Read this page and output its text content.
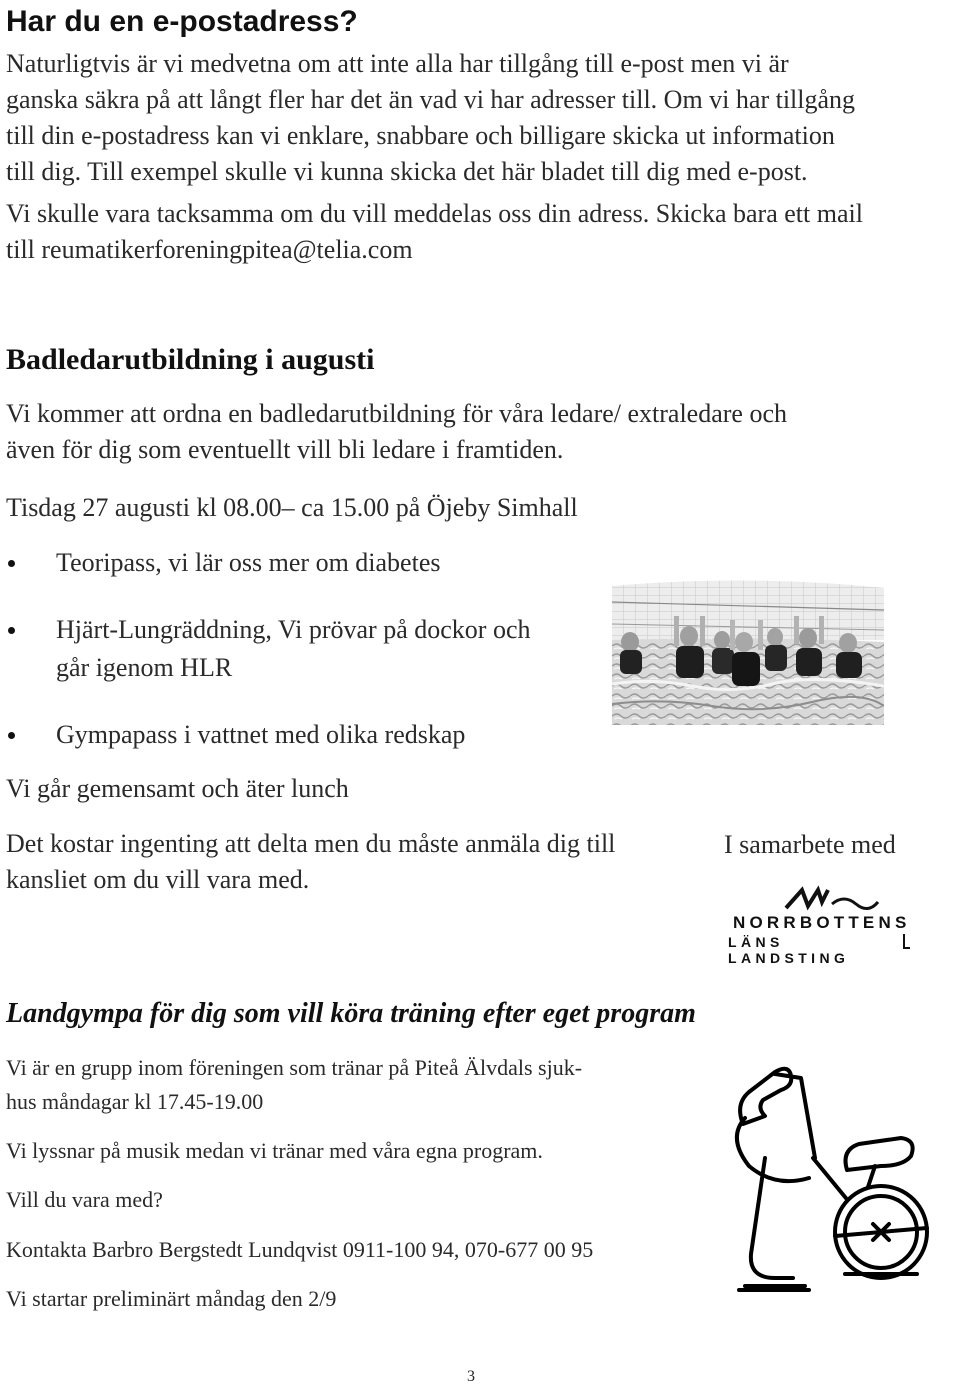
Har du en e-postadress?
Naturligtvis är vi medvetna om att inte alla har tillgång till e-post men vi är
ganska säkra på att långt fler har det än vad vi har adresser till. Om vi har tillgång
till din e-postadress kan vi enklare, snabbare och billigare skicka ut information
till dig. Till exempel skulle vi kunna skicka det här bladet till dig med e-post.
Vi skulle vara tacksamma om du vill meddelas oss din adress. Skicka bara ett mail
till reumatikerforeningpitea@telia.com
Badledarutbildning i augusti
Vi kommer att ordna en badledarutbildning för våra ledare/ extraledare och
även för dig som eventuellt vill bli ledare i framtiden.
Tisdag 27 augusti kl 08.00– ca 15.00 på Öjeby Simhall
Teoripass, vi lär oss mer om diabetes
Hjärt-Lungräddning, Vi prövar på dockor och
går igenom HLR
Gympapass i vattnet med olika redskap
Vi går gemensamt och äter lunch
Det kostar ingenting att delta men du måste anmäla dig till
kansliet om du vill vara med.
I samarbete med
NORRBOTTENS
LÄNS LANDSTING
Landgympa för dig som vill köra träning efter eget program
Vi är en grupp inom föreningen som tränar på Piteå Älvdals sjuk-
hus måndagar kl 17.45-19.00
Vi lyssnar på musik medan vi tränar med våra egna program.
Vill du vara med?
Kontakta Barbro Bergstedt Lundqvist 0911-100 94, 070-677 00 95
Vi startar preliminärt måndag den 2/9
3
